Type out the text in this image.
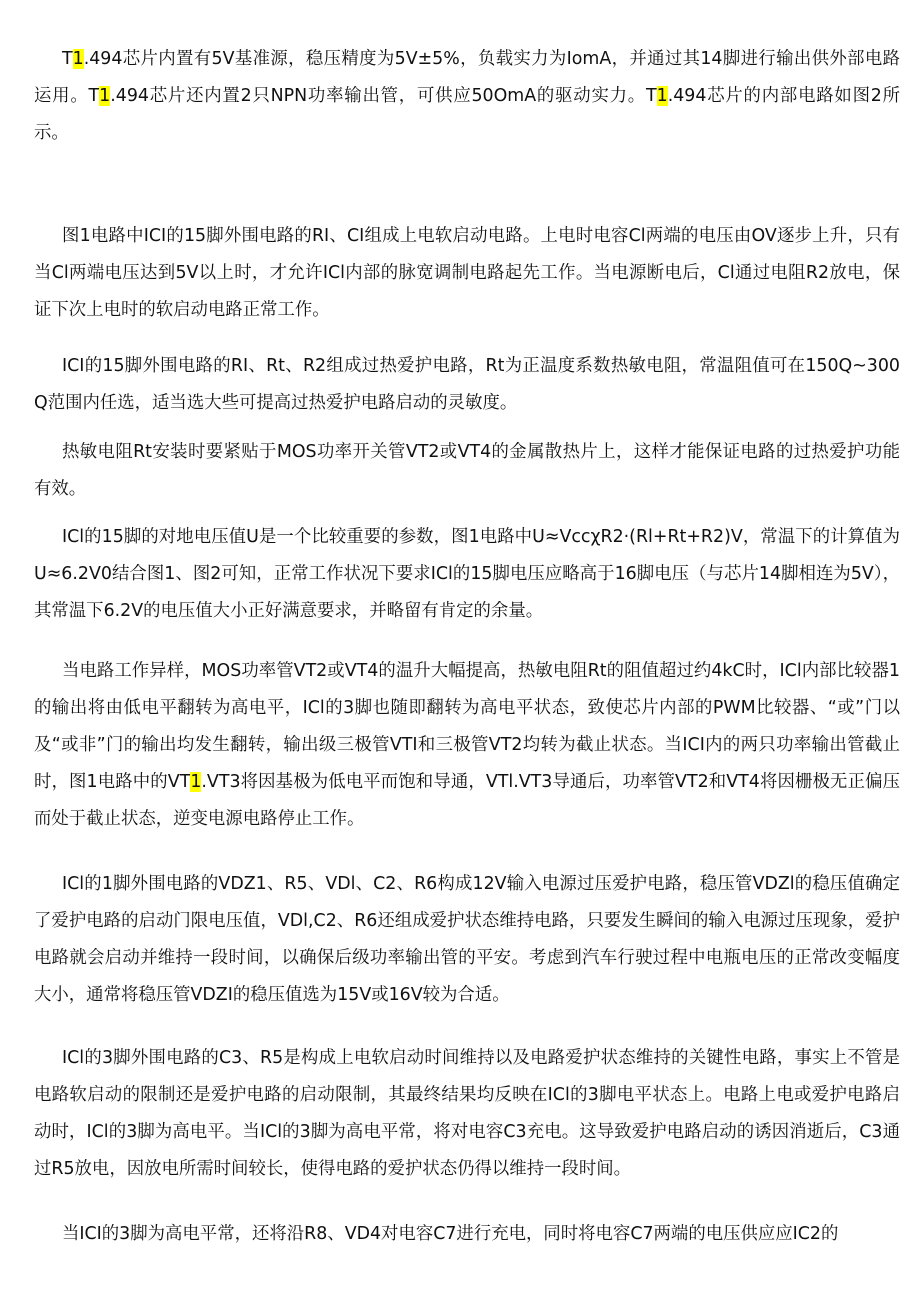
T1.494芯片内置有5V基准源，稳压精度为5V±5%，负载实力为IomA，并通过其14脚进行输出供外部电路运用。T1.494芯片还内置2只NPN功率输出管，可供应50OmA的驱动实力。T1.494芯片的内部电路如图2所示。

图1电路中ICI的15脚外围电路的RI、CI组成上电软启动电路。上电时电容Cl两端的电压由OV逐步上升，只有当Cl两端电压达到5V以上时，才允许ICl内部的脉宽调制电路起先工作。当电源断电后，Cl通过电阻R2放电，保证下次上电时的软启动电路正常工作。

ICI的15脚外围电路的RI、Rt、R2组成过热爱护电路，Rt为正温度系数热敏电阻，常温阻值可在150Q~300Q范围内任选，适当选大些可提高过热爱护电路启动的灵敏度。

热敏电阻Rt安装时要紧贴于MOS功率开关管VT2或VT4的金属散热片上，这样才能保证电路的过热爱护功能有效。

ICl的15脚的对地电压值U是一个比较重要的参数，图1电路中U≈VccχR2·(Rl+Rt+R2)V，常温下的计算值为U≈6.2V0结合图1、图2可知，正常工作状况下要求ICl的15脚电压应略高于16脚电压（与芯片14脚相连为5V），其常温下6.2V的电压值大小正好满意要求，并略留有肯定的余量。

当电路工作异样，MOS功率管VT2或VT4的温升大幅提高，热敏电阻Rt的阻值超过约4kC时，ICl内部比较器1的输出将由低电平翻转为高电平，ICl的3脚也随即翻转为高电平状态，致使芯片内部的PWM比较器、“或”门以及“或非”门的输出均发生翻转，输出级三极管VTI和三极管VT2均转为截止状态。当ICI内的两只功率输出管截止时，图1电路中的VT1.VT3将因基极为低电平而饱和导通，VTl.VT3导通后，功率管VT2和VT4将因栅极无正偏压而处于截止状态，逆变电源电路停止工作。

ICl的1脚外围电路的VDZ1、R5、VDl、C2、R6构成12V输入电源过压爱护电路，稳压管VDZl的稳压值确定了爱护电路的启动门限电压值，VDl,C2、R6还组成爱护状态维持电路，只要发生瞬间的输入电源过压现象，爱护电路就会启动并维持一段时间，以确保后级功率输出管的平安。考虑到汽车行驶过程中电瓶电压的正常改变幅度大小，通常将稳压管VDZI的稳压值选为15V或16V较为合适。

ICl的3脚外围电路的C3、R5是构成上电软启动时间维持以及电路爱护状态维持的关键性电路，事实上不管是电路软启动的限制还是爱护电路的启动限制，其最终结果均反映在ICl的3脚电平状态上。电路上电或爱护电路启动时，ICl的3脚为高电平。当ICl的3脚为高电平常，将对电容C3充电。这导致爱护电路启动的诱因消逝后，C3通过R5放电，因放电所需时间较长，使得电路的爱护状态仍得以维持一段时间。

当ICI的3脚为高电平常，还将沿R8、VD4对电容C7进行充电，同时将电容C7两端的电压供应应IC2的
